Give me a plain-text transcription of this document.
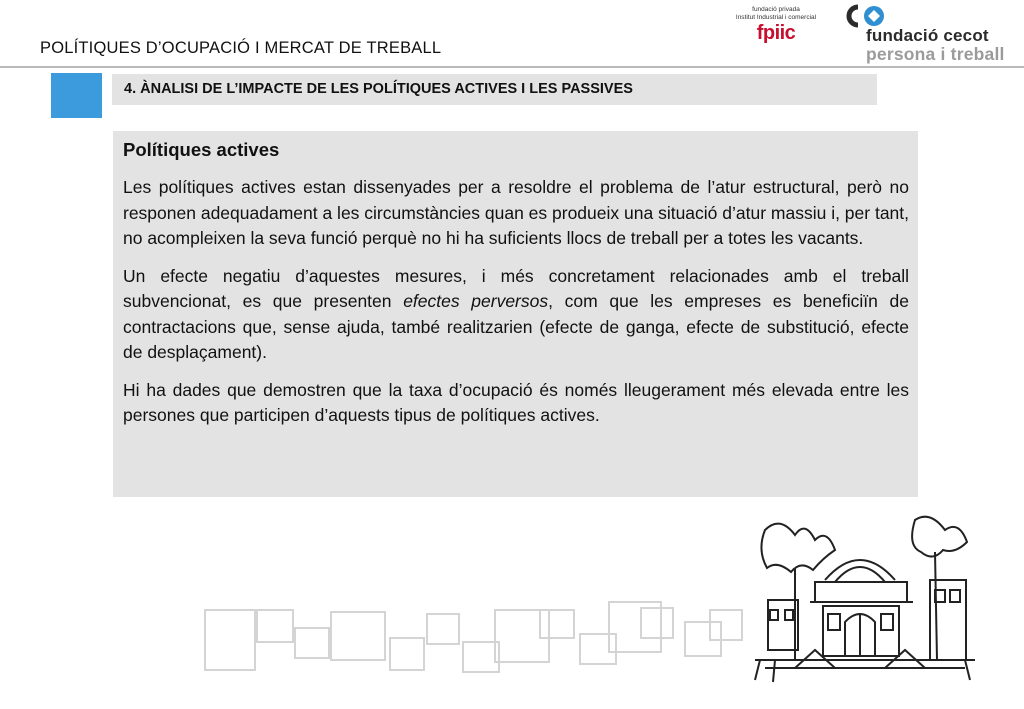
POLÍTIQUES D’OCUPACIÓ I MERCAT DE TREBALL
fundació privada
Institut Industrial i comercial
fpiic	fundació cecot
persona i treball
4. ÀNALISI DE L’IMPACTE DE LES POLÍTIQUES ACTIVES I LES PASSIVES
Polítiques actives

Les polítiques actives estan dissenyades per a resoldre el problema de l’atur estructural, però no responen adequadament a les circumstàncies quan es produeix una situació d’atur massiu i, per tant, no acompleixen la seva funció perquè no hi ha suficients llocs de treball per a totes les vacants.

Un efecte negatiu d’aquestes mesures, i més concretament relacionades amb el treball subvencionat, es que presenten efectes perversos, com que les empreses es beneficiïn de contractacions que, sense ajuda, també realitzarien (efecte de ganga, efecte de substitució, efecte de desplaçament).

Hi ha dades que demostren que la taxa d’ocupació és només lleugerament més elevada entre les persones que participen d’aquests tipus de polítiques actives.
